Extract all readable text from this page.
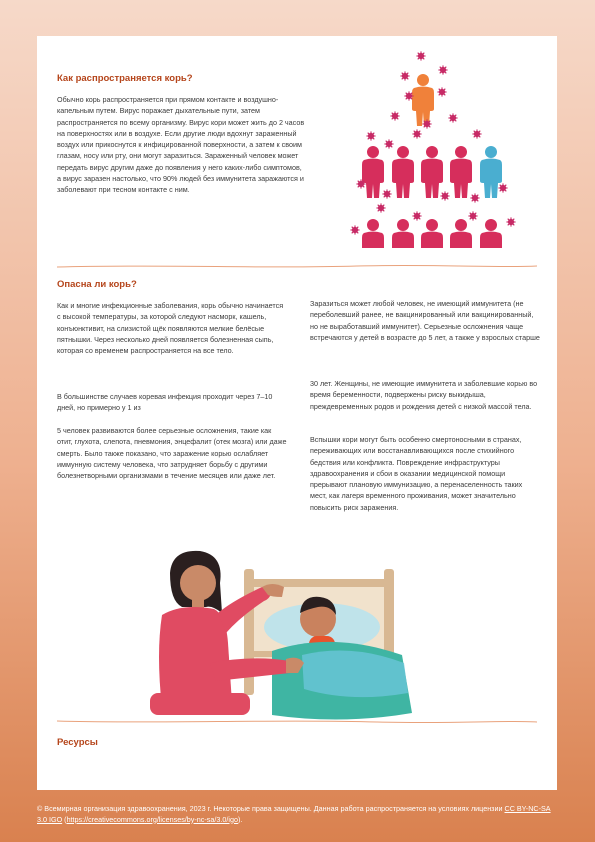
Как распространяется корь?

Обычно корь распространяется при прямом контакте и воздушно-капельным путем. Вирус поражает дыхательные пути, затем распространяется по всему организму. Вирус кори может жить до 2 часов на поверхностях или в воздухе. Если другие люди вдохнут зараженный воздух или прикоснутся к инфицированной поверхности, а затем к своим глазам, носу или рту, они могут заразиться. Зараженный человек может передать вирус другим даже до появления у него каких-либо симптомов, а вирус заразен настолько, что 90% людей без иммунитета заражаются и заболевают при тесном контакте с ним.

Опасна ли корь?

Как и многие инфекционные заболевания, корь обычно начинается с высокой температуры, за которой следуют насморк, кашель, конъюнктивит, на слизистой щёк появляются мелкие белёсые пятнышки. Через несколько дней появляется болезненная сыпь, которая со временем распространяется на все тело.

В большинстве случаев коревая инфекция проходит через 7–10 дней, но примерно у 1 из

5 человек развиваются более серьезные осложнения, такие как отит, глухота, слепота, пневмония, энцефалит (отек мозга) или даже смерть. Было также показано, что заражение корью ослабляет иммунную систему человека, что затрудняет борьбу с другими болезнетворными организмами в течение месяцев или даже лет.

Заразиться может любой человек, не имеющий иммунитета (не переболевший ранее, не вакцинированный или вакцинированный, но не выработавший иммунитет). Серьезные осложнения чаще встречаются у детей в возрасте до 5 лет, а также у взрослых старше

30 лет. Женщины, не имеющие иммунитета и заболевшие корью во время беременности, подвержены риску выкидыша, преждевременных родов и рождения детей с низкой массой тела.

Вспышки кори могут быть особенно смертоносными в странах, переживающих или восстанавливающихся после стихийного бедствия или конфликта. Повреждение инфраструктуры здравоохранения и сбои в оказании медицинской помощи прерывают плановую иммунизацию, а перенаселенность таких мест, как лагеря временного проживания, может значительно повысить риск заражения.

Ресурсы
© Всемирная организация здравоохранения, 2023 г. Некоторые права защищены. Данная работа распространяется на условиях лицензии CC BY-NC-SA 3.0 IGO (https://creativecommons.org/licenses/by-nc-sa/3.0/igo).
